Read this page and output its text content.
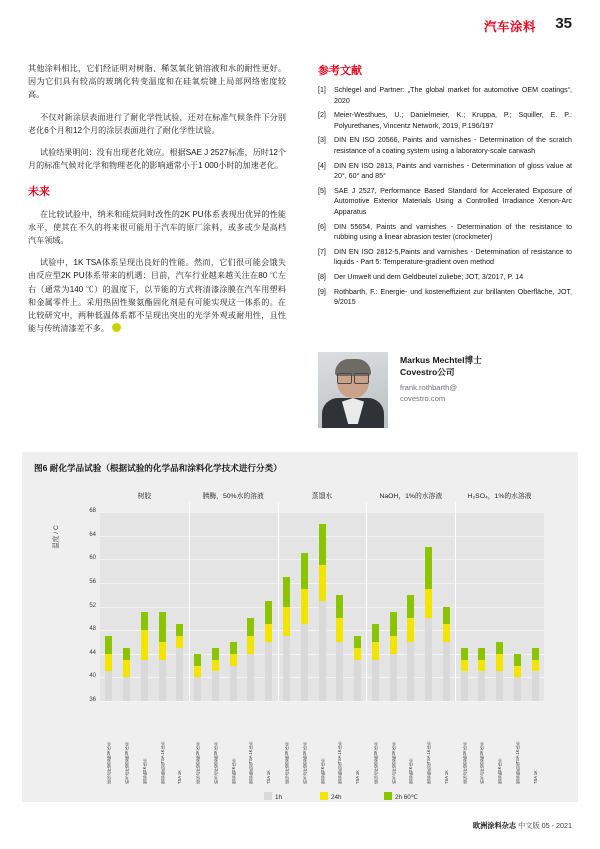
汽车涂料 35

其他涂料相比，它们经证明对树脂、稀氢氧化钠溶液和水的耐性更好。因为它们具有较高的玻璃化转变温度和在硅氧烷键上局部网络密度较高。

不仅对新涂层表面进行了耐化学性试验，还对在标准气候条件下分别老化6个月和12个月的涂层表面进行了耐化学性试验。

试验结果明问：没有出现老化效应。根据SAE J 2527标准，历时12个月的标准气候对化学和物理老化的影响通常小于1 000小时的加速老化。

未来

在比较试验中，纳米和硅烷同时改性的2K PU体系表现出优异的性能水平，使其在不久的将来很可能用于汽车的原厂涂料，或多或少是高档汽车领域。

试验中，1K TSA体系呈现出良好的性能。然而，它们很可能会饿失由反应型2K PU体系带来的机遇：目前，汽车行业越来越关注在80 ℃左右（通常为140 ℃）的温度下，以节能的方式将清漆涂膜在汽车用塑料和金属零件上。采用热固性聚氨酯固化剂是有可能实现这一体系的。在比较研究中，两种低温体系都不呈现出突出的光学外观或耐用性，且性能与传统清漆差不多。

参考文献
[1] Schlegel and Partner: „The global market for automotive OEM coatings“, 2020
[2] Meier-Westhues, U.; Danielmeier, K.; Kruppa, P.; Squiller, E. P.: Polyurethanes, Vincentz Network, 2019, P.196/197
[3] DIN EN ISO 20566, Paints and varnishes - Determination of the scratch resistance of a coating system using a laboratory-scale carwash
[4] DIN EN ISO 2813, Paints and varnishes - Determination of gloss value at 20°, 60° and 85°
[5] SAE J 2527, Performance Based Standard for Accelerated Exposure of Automotive Exterior Materials Using a Controlled Irradiance Xenon-Arc Apparatus
[6] DIN 55654, Paints and varnishes - Determination of the resistance to rubbing using a linear abrasion tester (crockmeter)
[7] DIN EN ISO 2812-5,Paints and varnishes - Determination of resistance to liquids - Part 5: Temperature-gradient oven method
[8] Der Umwelt und dem Geldbeutel zuliebe; JOT, 3/2017, P. 14
[9] Rothbarth, F.: Energie- und kosteneffizient zur brillanten Oberfläche, JOT, 9/2015
Markus Mechtel博士
Covestro公司
frank.rothbarth@
covestro.com
图6 耐化学品试验（根据试验的化学品和涂料化学技术进行分类）
温度 / C
68
64
60
56
52
48
44
40
36
树胶	胰酶，50%水的溶液	蒸馏水	NaOH，1%的水溶液	H₂SO₄，1%的水溶液
硅烷改性聚氨酯2K体系	纳米改性聚氨酯2K体系	聚氨酯2K体系	聚氨酯低温TSA 1K体系	TSA 1K	硅烷改性聚氨酯2K体系	纳米改性聚氨酯2K体系	聚氨酯2K体系	聚氨酯低温TSA 1K体系	TSA 1K	硅烷改性聚氨酯2K体系	纳米改性聚氨酯2K体系	聚氨酯2K体系	聚氨酯低温TSA 1K体系	TSA 1K	硅烷改性聚氨酯2K体系	纳米改性聚氨酯2K体系	聚氨酯2K体系	聚氨酯低温TSA 1K体系	TSA 1K	硅烷改性聚氨酯2K体系	纳米改性聚氨酯2K体系	聚氨酯2K体系	聚氨酯低温TSA 1K体系	TSA 1K
1h	24h	2h 60℃
欧洲涂料杂志 中文版 05 - 2021
